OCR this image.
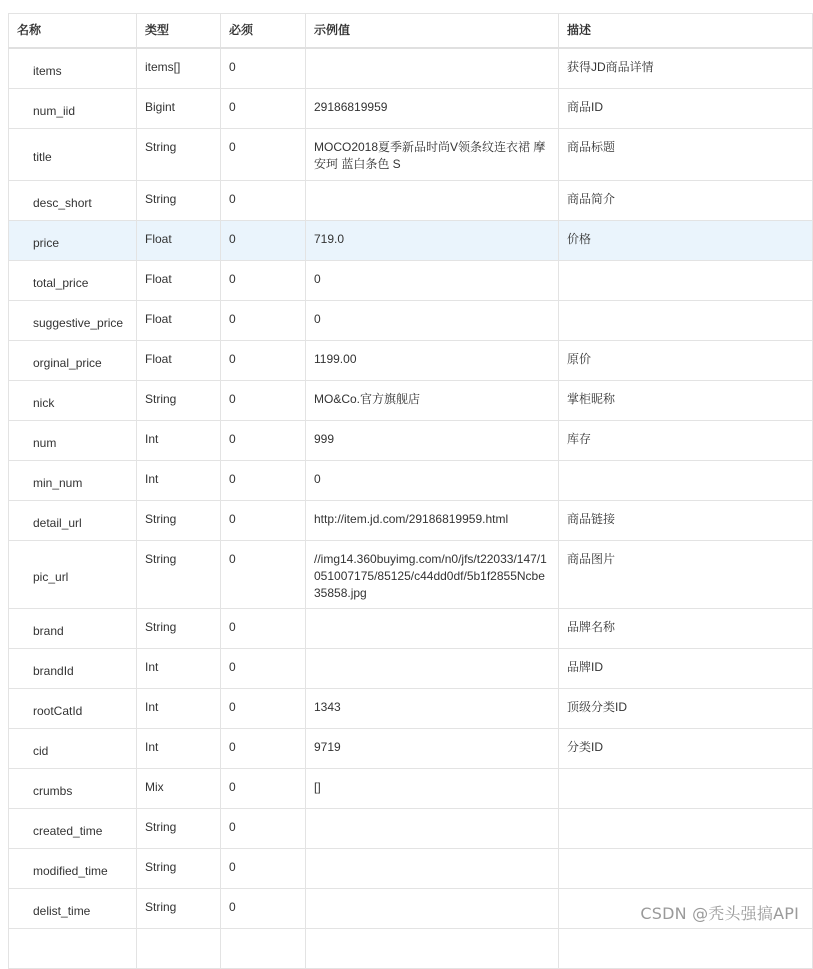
名称	类型	必须	示例值	描述
items	items[]	0		获得JD商品详情
num_iid	Bigint	0	29186819959	商品ID
title	String	0	MOCO2018夏季新品时尚V领条纹连衣裙 摩安珂 蓝白条色 S	商品标题
desc_short	String	0		商品简介
price	Float	0	719.0	价格
total_price	Float	0	0	
suggestive_price	Float	0	0	
orginal_price	Float	0	1199.00	原价
nick	String	0	MO&Co.官方旗舰店	掌柜昵称
num	Int	0	999	库存
min_num	Int	0	0	
detail_url	String	0	http://item.jd.com/29186819959.html	商品链接
pic_url	String	0	//img14.360buyimg.com/n0/jfs/t22033/147/1051007175/85125/c44dd0df/5b1f2855Ncbe35858.jpg	商品图片
brand	String	0		品牌名称
brandId	Int	0		品牌ID
rootCatId	Int	0	1343	顶级分类ID
cid	Int	0	9719	分类ID
crumbs	Mix	0	[]	
created_time	String	0		
modified_time	String	0		
delist_time	String	0		
					CSDN @秃头强搞API
